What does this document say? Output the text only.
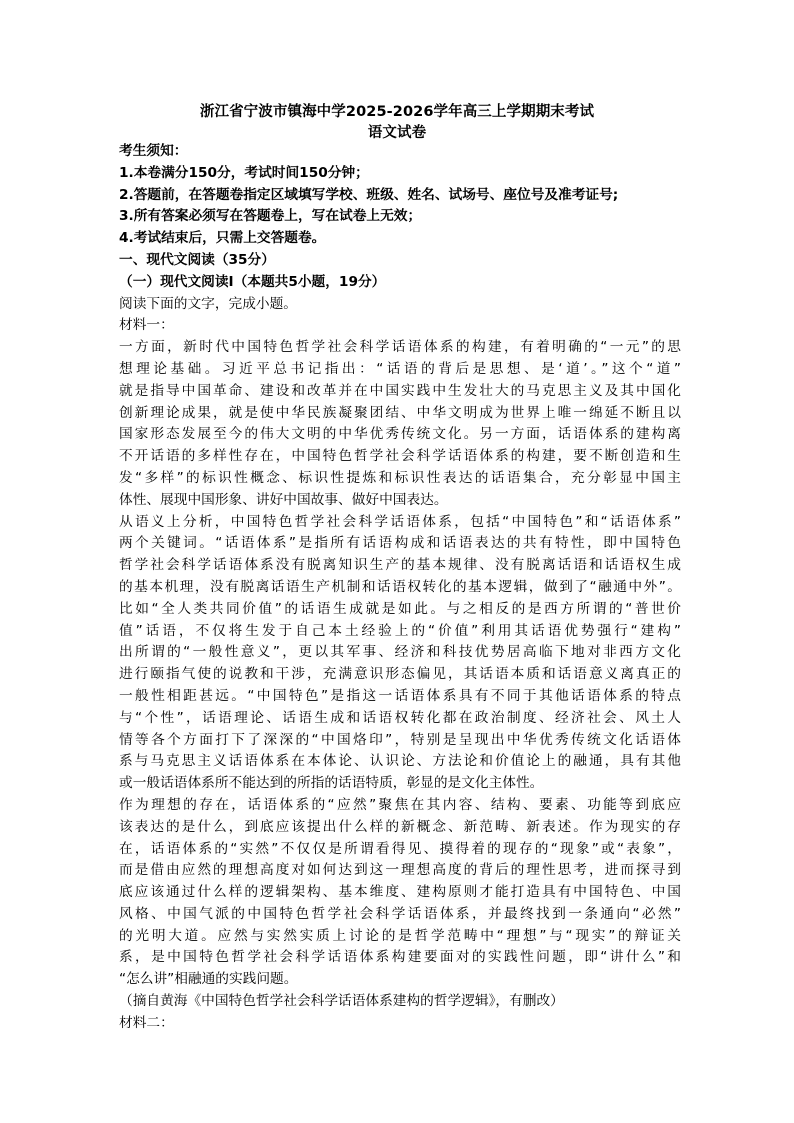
浙江省宁波市镇海中学2025-2026学年高三上学期期末考试
语文试卷
考生须知：
1.本卷满分150分，考试时间150分钟；
2.答题前，在答题卷指定区域填写学校、班级、姓名、试场号、座位号及准考证号;
3.所有答案必须写在答题卷上，写在试卷上无效；
4.考试结束后，只需上交答题卷。
一、现代文阅读（35分）
（一）现代文阅读Ⅰ（本题共5小题，19分）
阅读下面的文字，完成小题。
材料一：
一方面，新时代中国特色哲学社会科学话语体系的构建，有着明确的“一元”的思
想理论基础。习近平总书记指出：“话语的背后是思想、是‘道’。”这个“道”
就是指导中国革命、建设和改革并在中国实践中生发壮大的马克思主义及其中国化
创新理论成果，就是使中华民族凝聚团结、中华文明成为世界上唯一绵延不断且以
国家形态发展至今的伟大文明的中华优秀传统文化。另一方面，话语体系的建构离
不开话语的多样性存在，中国特色哲学社会科学话语体系的构建，要不断创造和生
发“多样”的标识性概念、标识性提炼和标识性表达的话语集合，充分彰显中国主
体性、展现中国形象、讲好中国故事、做好中国表达。
从语义上分析，中国特色哲学社会科学话语体系，包括“中国特色”和“话语体系”
两个关键词。“话语体系”是指所有话语构成和话语表达的共有特性，即中国特色
哲学社会科学话语体系没有脱离知识生产的基本规律、没有脱离话语和话语权生成
的基本机理，没有脱离话语生产机制和话语权转化的基本逻辑，做到了“融通中外”。
比如“全人类共同价值”的话语生成就是如此。与之相反的是西方所谓的“普世价
值”话语，不仅将生发于自己本土经验上的“价值”利用其话语优势强行“建构”
出所谓的“一般性意义”，更以其军事、经济和科技优势居高临下地对非西方文化
进行颐指气使的说教和干涉，充满意识形态偏见，其话语本质和话语意义离真正的
一般性相距甚远。“中国特色”是指这一话语体系具有不同于其他话语体系的特点
与“个性”，话语理论、话语生成和话语权转化都在政治制度、经济社会、风土人
情等各个方面打下了深深的“中国烙印”，特别是呈现出中华优秀传统文化话语体
系与马克思主义话语体系在本体论、认识论、方法论和价值论上的融通，具有其他
或一般话语体系所不能达到的所指的话语特质，彰显的是文化主体性。
作为理想的存在，话语体系的“应然”聚焦在其内容、结构、要素、功能等到底应
该表达的是什么，到底应该提出什么样的新概念、新范畴、新表述。作为现实的存
在，话语体系的“实然”不仅仅是所谓看得见、摸得着的现存的“现象”或“表象”，
而是借由应然的理想高度对如何达到这一理想高度的背后的理性思考，进而探寻到
底应该通过什么样的逻辑架构、基本维度、建构原则才能打造具有中国特色、中国
风格、中国气派的中国特色哲学社会科学话语体系，并最终找到一条通向“必然”
的光明大道。应然与实然实质上讨论的是哲学范畴中“理想”与“现实”的辩证关
系，是中国特色哲学社会科学话语体系构建要面对的实践性问题，即“讲什么”和
“怎么讲”相融通的实践问题。
（摘自黄海《中国特色哲学社会科学话语体系建构的哲学逻辑》，有删改）
材料二：
